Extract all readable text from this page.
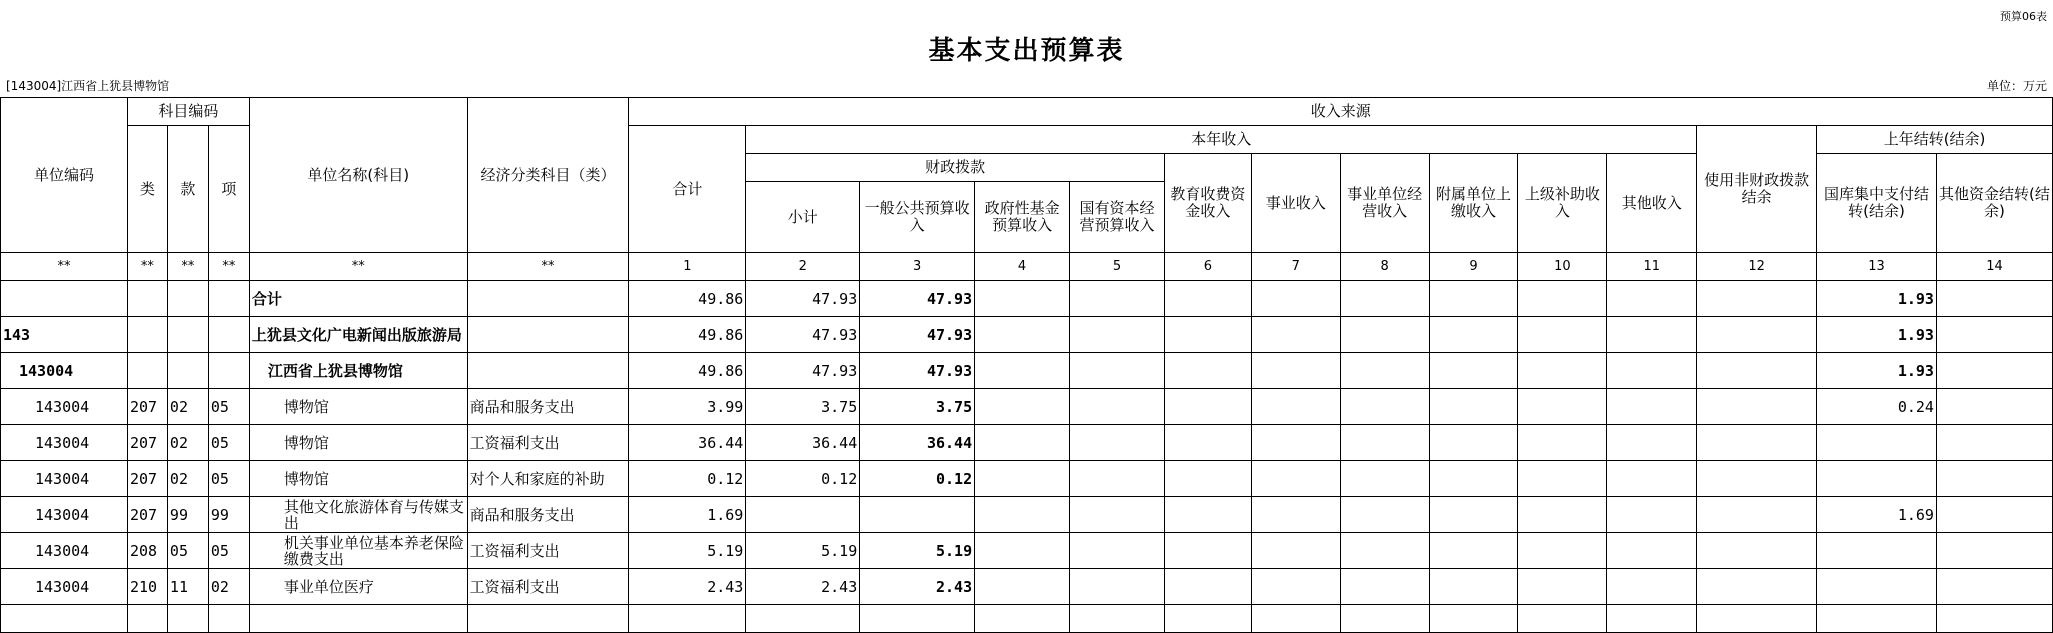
预算06表
基本支出预算表
[143004]江西省上犹县博物馆	单位：万元
单位编码	科目编码			单位名称(科目)	经济分类科目（类）	收入来源													
	类	款	项			合计	本年收入										使用非财政拨款结余	上年结转(结余)	
							财政拨款				教育收费资金收入	事业收入	事业单位经营收入	附属单位上缴收入	上级补助收入	其他收入		国库集中支付结转(结余)	其他资金结转(结余)
							小计	一般公共预算收入	政府性基金预算收入	国有资本经营预算收入									
**	**	**	**	**	**	1	2	3	4	5	6	7	8	9	10	11	12	13	14
				合计		49.86	47.93	47.93										1.93	
143				上犹县文化广电新闻出版旅游局		49.86	47.93	47.93										1.93	
143004				江西省上犹县博物馆		49.86	47.93	47.93										1.93	
143004	207	02	05	博物馆	商品和服务支出	3.99	3.75	3.75										0.24	
143004	207	02	05	博物馆	工资福利支出	36.44	36.44	36.44											
143004	207	02	05	博物馆	对个人和家庭的补助	0.12	0.12	0.12											
143004	207	99	99	其他文化旅游体育与传媒支出	商品和服务支出	1.69												1.69	
143004	208	05	05	机关事业单位基本养老保险缴费支出	工资福利支出	5.19	5.19	5.19											
143004	210	11	02	事业单位医疗	工资福利支出	2.43	2.43	2.43											
